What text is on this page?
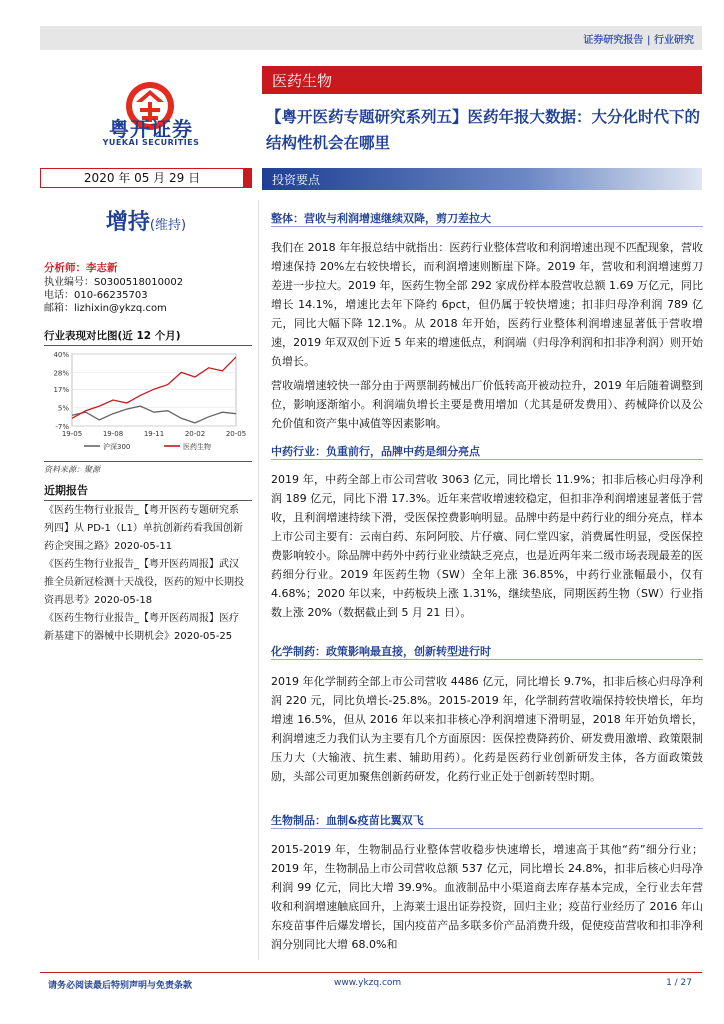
证券研究报告 | 行业研究
粤开证券
YUEKAI SECURITIES
2020 年 05 月 29 日
医药生物
【粤开医药专题研究系列五】医药年报大数据：大分化时代下的结构性机会在哪里
投资要点
增持(维持)
分析师：李志新
执业编号：S0300518010002
电话：010-66235703
邮箱：lizhixin@ykzq.com
行业表现对比图(近 12 个月)
40%
28%
17%
5%
-7%
19-05	19-08	19-11	20-02	20-05
沪深300	医药生物
资料来源：聚源
近期报告
《医药生物行业报告_【粤开医药专题研究系列四】从 PD-1（L1）单抗创新药看我国创新药企突围之路》2020-05-11
《医药生物行业报告_【粤开医药周报】武汉推全员新冠检测十天战役，医药的短中长期投资再思考》2020-05-18
《医药生物行业报告_【粤开医药周报】医疗新基建下的器械中长期机会》2020-05-25
整体：营收与利润增速继续双降，剪刀差拉大
我们在 2018 年年报总结中就指出：医药行业整体营收和利润增速出现不匹配现象，营收增速保持 20%左右较快增长，而利润增速则断崖下降。2019 年，营收和利润增速剪刀差进一步拉大。2019 年，医药生物全部 292 家成份样本股营收总额 1.69 万亿元，同比增长 14.1%，增速比去年下降约 6pct，但仍属于较快增速；扣非归母净利润 789 亿元，同比大幅下降 12.1%。从 2018 年开始，医药行业整体利润增速显著低于营收增速，2019 年双双创下近 5 年来的增速低点，利润端（归母净利润和扣非净利润）则开始负增长。
营收端增速较快一部分由于两票制药械出厂价低转高开被动拉升，2019 年后随着调整到位，影响逐渐缩小。利润端负增长主要是费用增加（尤其是研发费用）、药械降价以及公允价值和资产集中减值等因素影响。
中药行业：负重前行，品牌中药是细分亮点
2019 年，中药全部上市公司营收 3063 亿元，同比增长 11.9%；扣非后核心归母净利润 189 亿元，同比下滑 17.3%。近年来营收增速较稳定，但扣非净利润增速显著低于营收，且利润增速持续下滑，受医保控费影响明显。品牌中药是中药行业的细分亮点，样本上市公司主要有：云南白药、东阿阿胶、片仔癀、同仁堂四家，消费属性明显，受医保控费影响较小。除品牌中药外中药行业业绩缺乏亮点，也是近两年来二级市场表现最差的医药细分行业。2019 年医药生物（SW）全年上涨 36.85%，中药行业涨幅最小，仅有 4.68%；2020 年以来，中药板块上涨 1.31%，继续垫底，同期医药生物（SW）行业指数上涨 20%（数据截止到 5 月 21 日）。
化学制药：政策影响最直接，创新转型进行时
2019 年化学制药全部上市公司营收 4486 亿元，同比增长 9.7%，扣非后核心归母净利润 220 元，同比负增长-25.8%。2015-2019 年，化学制药营收端保持较快增长，年均增速 16.5%，但从 2016 年以来扣非核心净利润增速下滑明显，2018 年开始负增长，利润增速乏力我们认为主要有几个方面原因：医保控费降药价、研发费用激增、政策限制压力大（大输液、抗生素、辅助用药）。化药是医药行业创新研发主体，各方面政策鼓励，头部公司更加聚焦创新药研发，化药行业正处于创新转型时期。
生物制品：血制&疫苗比翼双飞
2015-2019 年，生物制品行业整体营收稳步快速增长，增速高于其他“药”细分行业；2019 年，生物制品上市公司营收总额 537 亿元，同比增长 24.8%，扣非后核心归母净利润 99 亿元，同比大增 39.9%。血液制品中小渠道商去库存基本完成，全行业去年营收和利润增速触底回升，上海莱士退出证券投资，回归主业；疫苗行业经历了 2016 年山东疫苗事件后爆发增长，国内疫苗产品多联多价产品消费升级，促使疫苗营收和扣非净利润分别同比大增 68.0%和
请务必阅读最后特别声明与免责条款	www.ykzq.com	1 / 27
